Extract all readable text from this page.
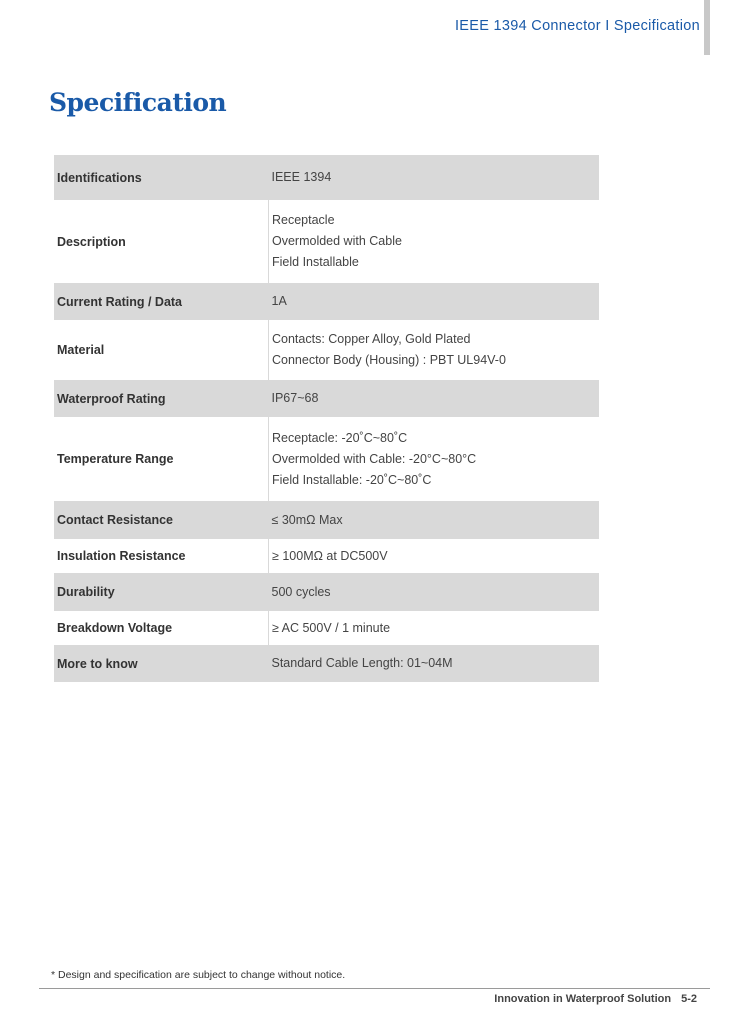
IEEE 1394 Connector I Specification
Specification
Identifications	IEEE 1394

Description	Receptacle
Overmolded with Cable
Field Installable

Current Rating / Data	1A

Material	Contacts: Copper Alloy, Gold Plated
Connector Body (Housing) : PBT UL94V-0

Waterproof Rating	IP67~68

Temperature Range	Receptacle: -20˚C~80˚C
Overmolded with Cable: -20°C~80°C
Field Installable: -20˚C~80˚C

Contact Resistance	≤ 30mΩ Max

Insulation Resistance	≥ 100MΩ at DC500V

Durability	500 cycles

Breakdown Voltage	≥ AC 500V / 1 minute

More to know	Standard Cable Length: 01~04M
* Design and specification are subject to change without notice.
Innovation in Waterproof Solution 5-2
